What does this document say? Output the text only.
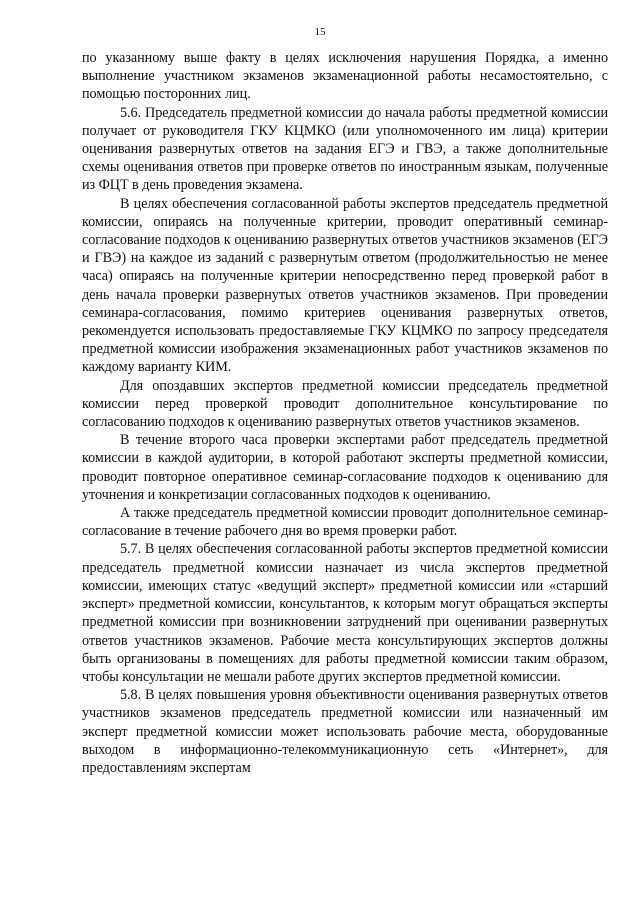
15

по указанному выше факту в целях исключения нарушения Порядка, а именно выполнение участником экзаменов экзаменационной работы несамостоятельно, с помощью посторонних лиц.

5.6. Председатель предметной комиссии до начала работы предметной комиссии получает от руководителя ГКУ КЦМКО (или уполномоченного им лица) критерии оценивания развернутых ответов на задания ЕГЭ и ГВЭ, а также дополнительные схемы оценивания ответов при проверке ответов по иностранным языкам, полученные из ФЦТ в день проведения экзамена.

В целях обеспечения согласованной работы экспертов председатель предметной комиссии, опираясь на полученные критерии, проводит оперативный семинар-согласование подходов к оцениванию развернутых ответов участников экзаменов (ЕГЭ и ГВЭ) на каждое из заданий с развернутым ответом (продолжительностью не менее часа) опираясь на полученные критерии непосредственно перед проверкой работ в день начала проверки развернутых ответов участников экзаменов. При проведении семинара-согласования, помимо критериев оценивания развернутых ответов, рекомендуется использовать предоставляемые ГКУ КЦМКО по запросу председателя предметной комиссии изображения экзаменационных работ участников экзаменов по каждому варианту КИМ.

Для опоздавших экспертов предметной комиссии председатель предметной комиссии перед проверкой проводит дополнительное консультирование по согласованию подходов к оцениванию развернутых ответов участников экзаменов.

В течение второго часа проверки экспертами работ председатель предметной комиссии в каждой аудитории, в которой работают эксперты предметной комиссии, проводит повторное оперативное семинар-согласование подходов к оцениванию для уточнения и конкретизации согласованных подходов к оцениванию.

А также председатель предметной комиссии проводит дополнительное семинар-согласование в течение рабочего дня во время проверки работ.

5.7. В целях обеспечения согласованной работы экспертов предметной комиссии председатель предметной комиссии назначает из числа экспертов предметной комиссии, имеющих статус «ведущий эксперт» предметной комиссии или «старший эксперт» предметной комиссии, консультантов, к которым могут обращаться эксперты предметной комиссии при возникновении затруднений при оценивании развернутых ответов участников экзаменов. Рабочие места консультирующих экспертов должны быть организованы в помещениях для работы предметной комиссии таким образом, чтобы консультации не мешали работе других экспертов предметной комиссии.

5.8. В целях повышения уровня объективности оценивания развернутых ответов участников экзаменов председатель предметной комиссии или назначенный им эксперт предметной комиссии может использовать рабочие места, оборудованные выходом в информационно-телекоммуникационную сеть «Интернет», для предоставлениям экспертам
